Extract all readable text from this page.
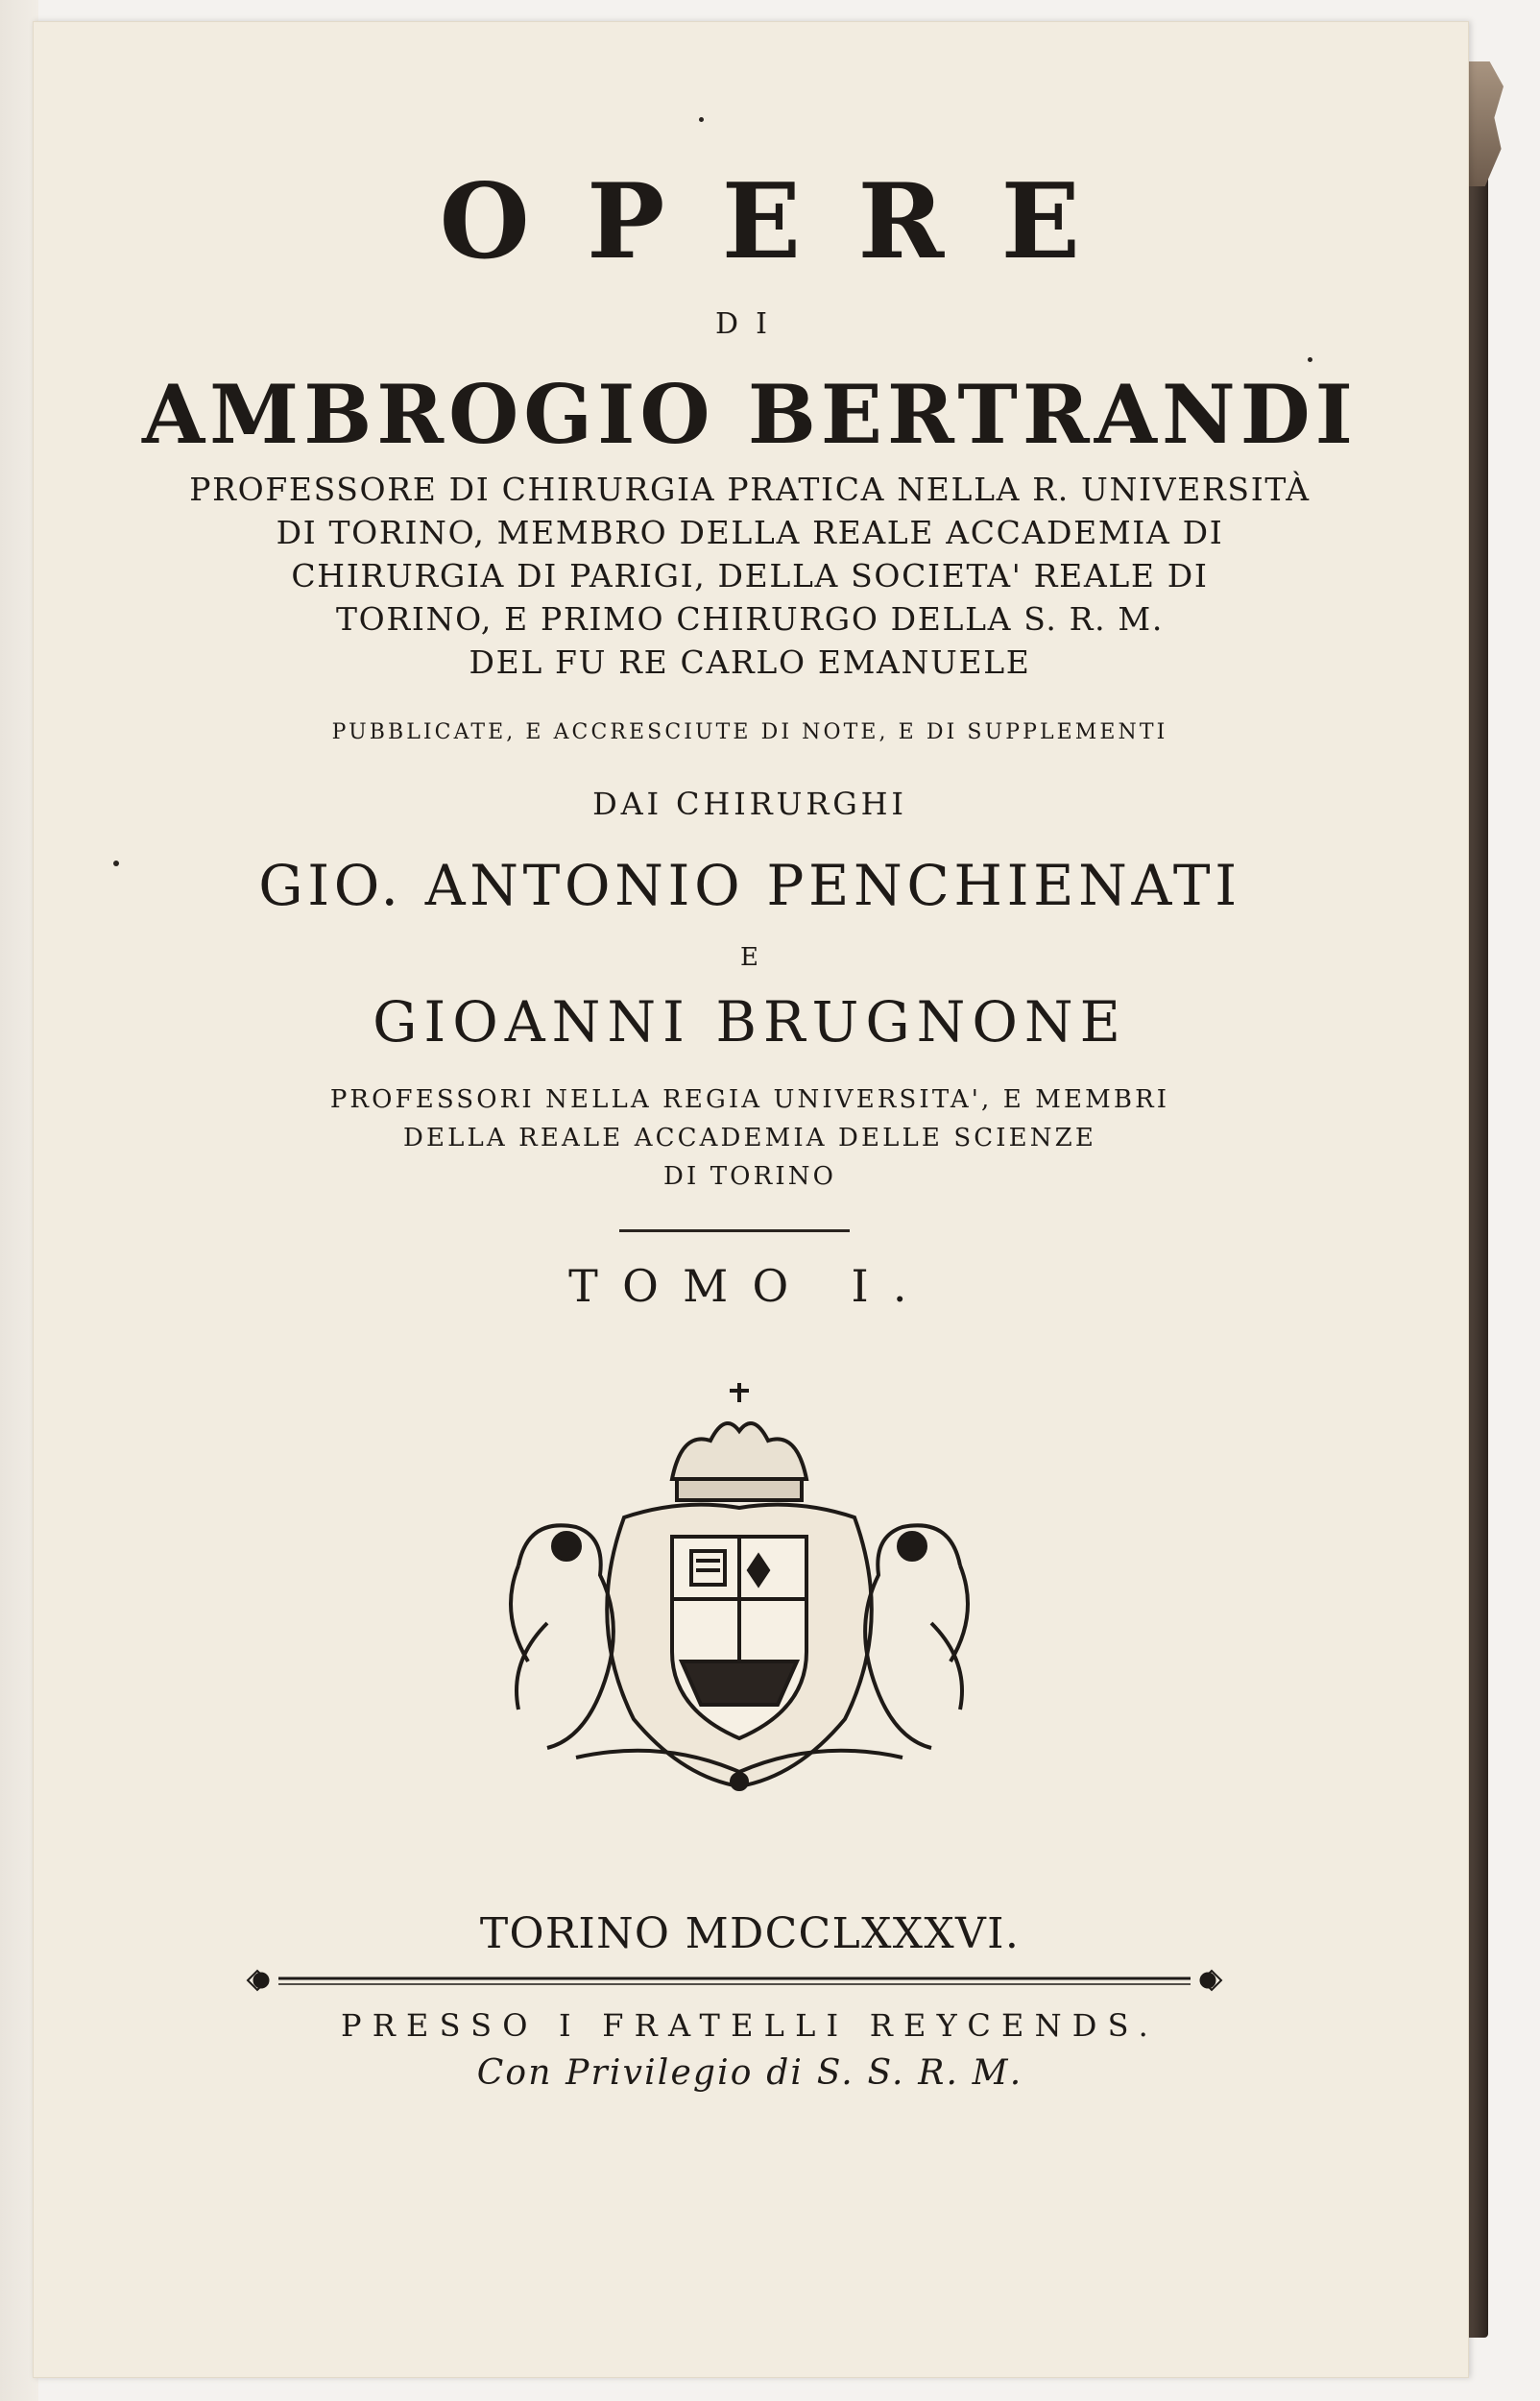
OPERE
DI
AMBROGIO BERTRANDI
PROFESSORE DI CHIRURGIA PRATICA NELLA R. UNIVERSITÀ
DI TORINO, MEMBRO DELLA REALE ACCADEMIA DI
CHIRURGIA DI PARIGI, DELLA SOCIETA' REALE DI
TORINO, E PRIMO CHIRURGO DELLA S. R. M.
DEL FU RE CARLO EMANUELE
PUBBLICATE, E ACCRESCIUTE DI NOTE, E DI SUPPLEMENTI
DAI CHIRURGHI
GIO. ANTONIO PENCHIENATI
E
GIOANNI BRUGNONE
PROFESSORI NELLA REGIA UNIVERSITA', E MEMBRI
DELLA REALE ACCADEMIA DELLE SCIENZE
DI TORINO
TOMO I.
TORINO MDCCLXXXVI.
PRESSO I FRATELLI REYCENDS.
Con Privilegio di S. S. R. M.
